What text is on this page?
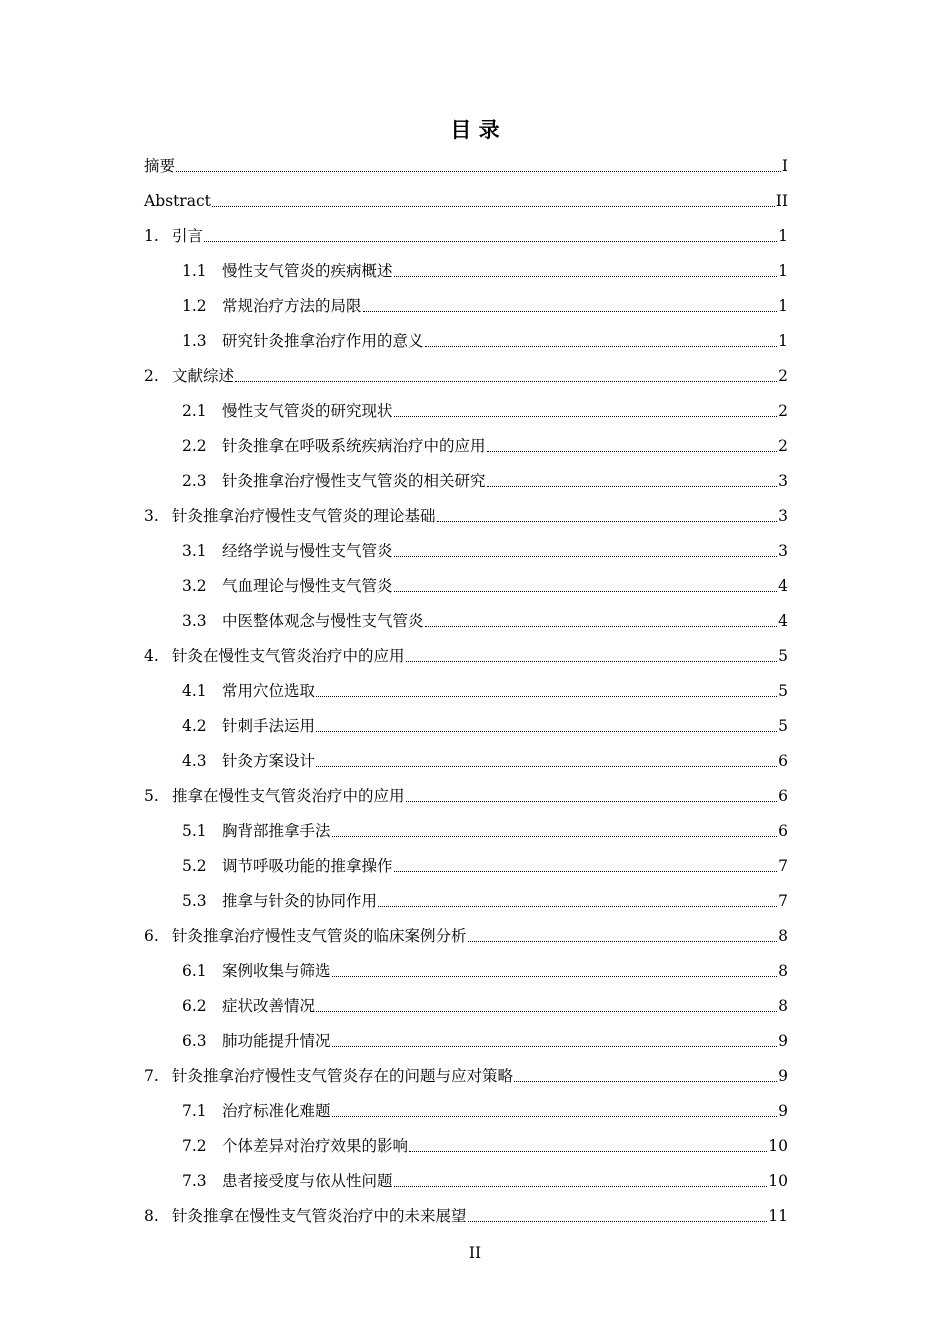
目 录
摘要	I
Abstract	II
1. 引言	1
1.1 慢性支气管炎的疾病概述	1
1.2 常规治疗方法的局限	1
1.3 研究针灸推拿治疗作用的意义	1
2. 文献综述	2
2.1 慢性支气管炎的研究现状	2
2.2 针灸推拿在呼吸系统疾病治疗中的应用	2
2.3 针灸推拿治疗慢性支气管炎的相关研究	3
3. 针灸推拿治疗慢性支气管炎的理论基础	3
3.1 经络学说与慢性支气管炎	3
3.2 气血理论与慢性支气管炎	4
3.3 中医整体观念与慢性支气管炎	4
4. 针灸在慢性支气管炎治疗中的应用	5
4.1 常用穴位选取	5
4.2 针刺手法运用	5
4.3 针灸方案设计	6
5. 推拿在慢性支气管炎治疗中的应用	6
5.1 胸背部推拿手法	6
5.2 调节呼吸功能的推拿操作	7
5.3 推拿与针灸的协同作用	7
6. 针灸推拿治疗慢性支气管炎的临床案例分析	8
6.1 案例收集与筛选	8
6.2 症状改善情况	8
6.3 肺功能提升情况	9
7. 针灸推拿治疗慢性支气管炎存在的问题与应对策略	9
7.1 治疗标准化难题	9
7.2 个体差异对治疗效果的影响	10
7.3 患者接受度与依从性问题	10
8. 针灸推拿在慢性支气管炎治疗中的未来展望	11
II
